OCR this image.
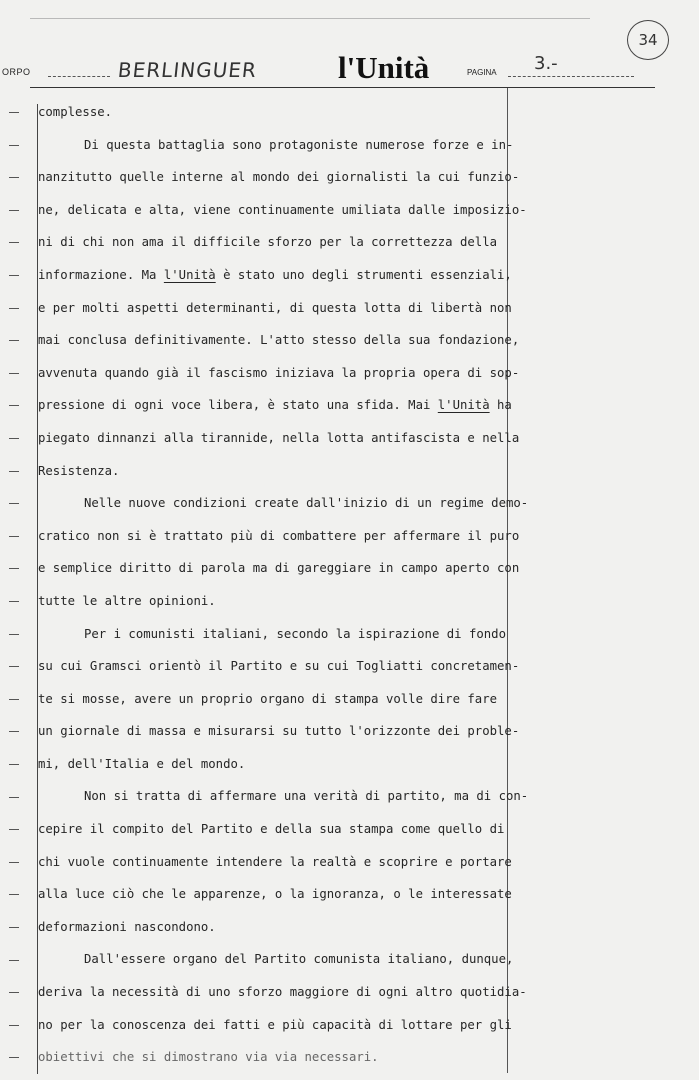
ORPO	BERLINGUER	l'Unità	PAGINA 3.-
34
complesse.
Di questa battaglia sono protagoniste numerose forze e in-
nanzitutto quelle interne al mondo dei giornalisti la cui funzio-
ne, delicata e alta, viene continuamente umiliata dalle imposizio-
ni di chi non ama il difficile sforzo per la correttezza della
informazione. Ma l'Unità è stato uno degli strumenti essenziali,
e per molti aspetti determinanti, di questa lotta di libertà non
mai conclusa definitivamente. L'atto stesso della sua fondazione,
avvenuta quando già il fascismo iniziava la propria opera di sop-
pressione di ogni voce libera, è stato una sfida. Mai l'Unità ha
piegato dinnanzi alla tirannide, nella lotta antifascista e nella
Resistenza.
Nelle nuove condizioni create dall'inizio di un regime demo-
cratico non si è trattato più di combattere per affermare il puro
e semplice diritto di parola ma di gareggiare in campo aperto con
tutte le altre opinioni.
Per i comunisti italiani, secondo la ispirazione di fondo
su cui Gramsci orientò il Partito e su cui Togliatti concretamen-
te si mosse, avere un proprio organo di stampa volle dire fare
un giornale di massa e misurarsi su tutto l'orizzonte dei proble-
mi, dell'Italia e del mondo.
Non si tratta di affermare una verità di partito, ma di con-
cepire il compito del Partito e della sua stampa come quello di
chi vuole continuamente intendere la realtà e scoprire e portare
alla luce ciò che le apparenze, o la ignoranza, o le interessate
deformazioni nascondono.
Dall'essere organo del Partito comunista italiano, dunque,
deriva la necessità di uno sforzo maggiore di ogni altro quotidia-
no per la conoscenza dei fatti e più capacità di lottare per gli
obiettivi che si dimostrano via via necessari.
